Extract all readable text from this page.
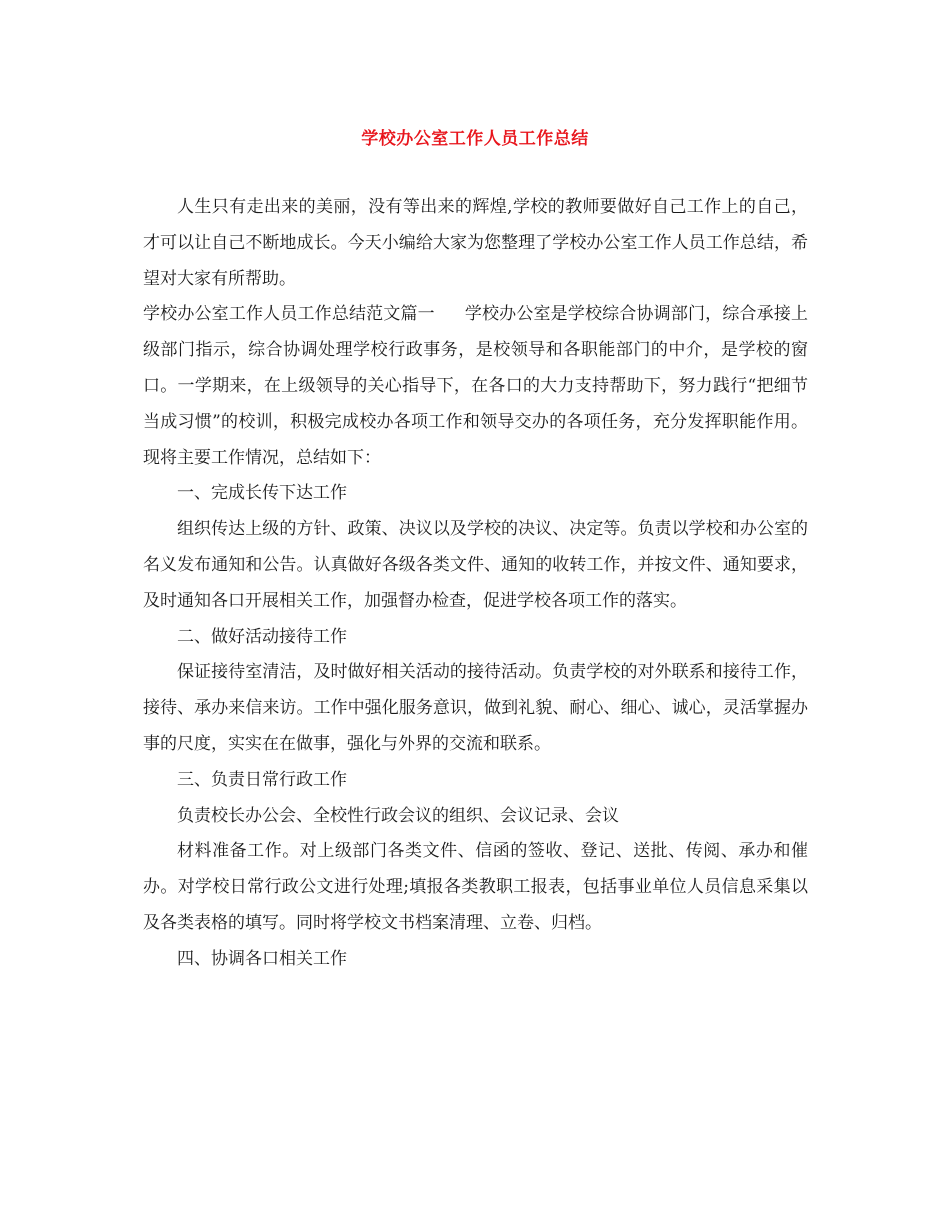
学校办公室工作人员工作总结

人生只有走出来的美丽，没有等出来的辉煌,学校的教师要做好自己工作上的自己，才可以让自己不断地成长。今天小编给大家为您整理了学校办公室工作人员工作总结，希望对大家有所帮助。

学校办公室工作人员工作总结范文篇一 学校办公室是学校综合协调部门，综合承接上级部门指示，综合协调处理学校行政事务，是校领导和各职能部门的中介，是学校的窗口。一学期来，在上级领导的关心指导下，在各口的大力支持帮助下，努力践行“把细节当成习惯”的校训，积极完成校办各项工作和领导交办的各项任务，充分发挥职能作用。现将主要工作情况，总结如下：

一、完成长传下达工作

组织传达上级的方针、政策、决议以及学校的决议、决定等。负责以学校和办公室的名义发布通知和公告。认真做好各级各类文件、通知的收转工作，并按文件、通知要求，及时通知各口开展相关工作，加强督办检查，促进学校各项工作的落实。

二、做好活动接待工作

保证接待室清洁，及时做好相关活动的接待活动。负责学校的对外联系和接待工作，接待、承办来信来访。工作中强化服务意识，做到礼貌、耐心、细心、诚心，灵活掌握办事的尺度，实实在在做事，强化与外界的交流和联系。

三、负责日常行政工作

负责校长办公会、全校性行政会议的组织、会议记录、会议

材料准备工作。对上级部门各类文件、信函的签收、登记、送批、传阅、承办和催办。对学校日常行政公文进行处理;填报各类教职工报表，包括事业单位人员信息采集以及各类表格的填写。同时将学校文书档案清理、立卷、归档。

四、协调各口相关工作
